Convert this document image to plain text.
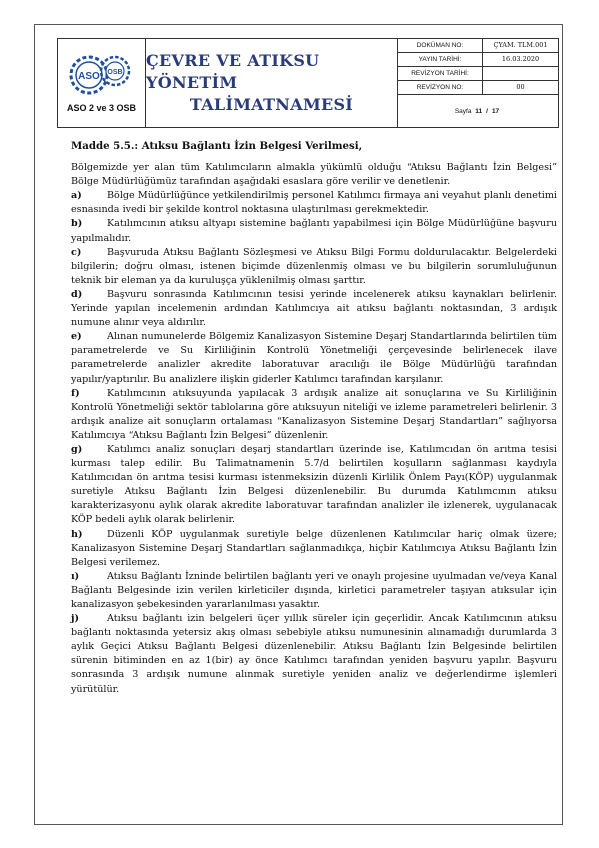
ASO OSB
ASO 2 ve 3 OSB
ÇEVRE VE ATIKSU YÖNETİM
TALİMATNAMESİ
DOKÜMAN NO:	ÇYAM. TLM.001
YAYIN TARİHİ:	16.03.2020
REVİZYON TARİHİ:
REVİZYON NO:	00
Sayfa
11 / 17
Madde 5.5.: Atıksu Bağlantı İzin Belgesi Verilmesi,

Bölgemizde yer alan tüm Katılımcıların almakla yükümlü olduğu “Atıksu Bağlantı İzin Belgesi” Bölge Müdürlüğümüz tarafından aşağıdaki esaslara göre verilir ve denetlenir.

a)	Bölge Müdürlüğünce yetkilendirilmiş personel Katılımcı firmaya ani veyahut planlı denetimi esnasında ivedi bir şekilde kontrol noktasına ulaştırılması gerekmektedir.

b)	Katılımcının atıksu altyapı sistemine bağlantı yapabilmesi için Bölge Müdürlüğüne başvuru yapılmalıdır.

c)	Başvuruda Atıksu Bağlantı Sözleşmesi ve Atıksu Bilgi Formu doldurulacaktır. Belgelerdeki bilgilerin; doğru olması, istenen biçimde düzenlenmiş olması ve bu bilgilerin sorumluluğunun teknik bir eleman ya da kuruluşça yüklenilmiş olması şarttır.

d)	Başvuru sonrasında Katılımcının tesisi yerinde incelenerek atıksu kaynakları belirlenir. Yerinde yapılan incelemenin ardından Katılımcıya ait atıksu bağlantı noktasından, 3 ardışık numune alınır veya aldırılır.

e)	Alınan numunelerde Bölgemiz Kanalizasyon Sistemine Deşarj Standartlarında belirtilen tüm parametrelerde ve Su Kirliliğinin Kontrolü Yönetmeliği çerçevesinde belirlenecek ilave parametrelerde analizler akredite laboratuvar aracılığı ile Bölge Müdürlüğü tarafından yapılır/yaptırılır. Bu analizlere ilişkin giderler Katılımcı tarafından karşılanır.

f)	Katılımcının atıksuyunda yapılacak 3 ardışık analize ait sonuçlarına ve Su Kirliliğinin Kontrolü Yönetmeliği sektör tablolarına göre atıksuyun niteliği ve izleme parametreleri belirlenir. 3 ardışık analize ait sonuçların ortalaması “Kanalizasyon Sistemine Deşarj Standartları” sağlıyorsa Katılımcıya “Atıksu Bağlantı İzin Belgesi” düzenlenir.

g)	Katılımcı analiz sonuçları deşarj standartları üzerinde ise, Katılımcıdan ön arıtma tesisi kurması talep edilir. Bu Talimatnamenin 5.7/d belirtilen koşulların sağlanması kaydıyla Katılımcıdan ön arıtma tesisi kurması istenmeksizin düzenli Kirlilik Önlem Payı(KÖP) uygulanmak suretiyle Atıksu Bağlantı İzin Belgesi düzenlenebilir. Bu durumda Katılımcının atıksu karakterizasyonu aylık olarak akredite laboratuvar tarafından analizler ile izlenerek, uygulanacak KÖP bedeli aylık olarak belirlenir.

h)	Düzenli KÖP uygulanmak suretiyle belge düzenlenen Katılımcılar hariç olmak üzere; Kanalizasyon Sistemine Deşarj Standartları sağlanmadıkça, hiçbir Katılımcıya Atıksu Bağlantı İzin Belgesi verilemez.

ı)	Atıksu Bağlantı İzninde belirtilen bağlantı yeri ve onaylı projesine uyulmadan ve/veya Kanal Bağlantı Belgesinde izin verilen kirleticiler dışında, kirletici parametreler taşıyan atıksular için kanalizasyon şebekesinden yararlanılması yasaktır.

j)	Atıksu bağlantı izin belgeleri üçer yıllık süreler için geçerlidir. Ancak Katılımcının atıksu bağlantı noktasında yetersiz akış olması sebebiyle atıksu numunesinin alınamadığı durumlarda 3 aylık Geçici Atıksu Bağlantı Belgesi düzenlenebilir. Atıksu Bağlantı İzin Belgesinde belirtilen sürenin bitiminden en az 1(bir) ay önce Katılımcı tarafından yeniden başvuru yapılır. Başvuru sonrasında 3 ardışık numune alınmak suretiyle yeniden analiz ve değerlendirme işlemleri yürütülür.
